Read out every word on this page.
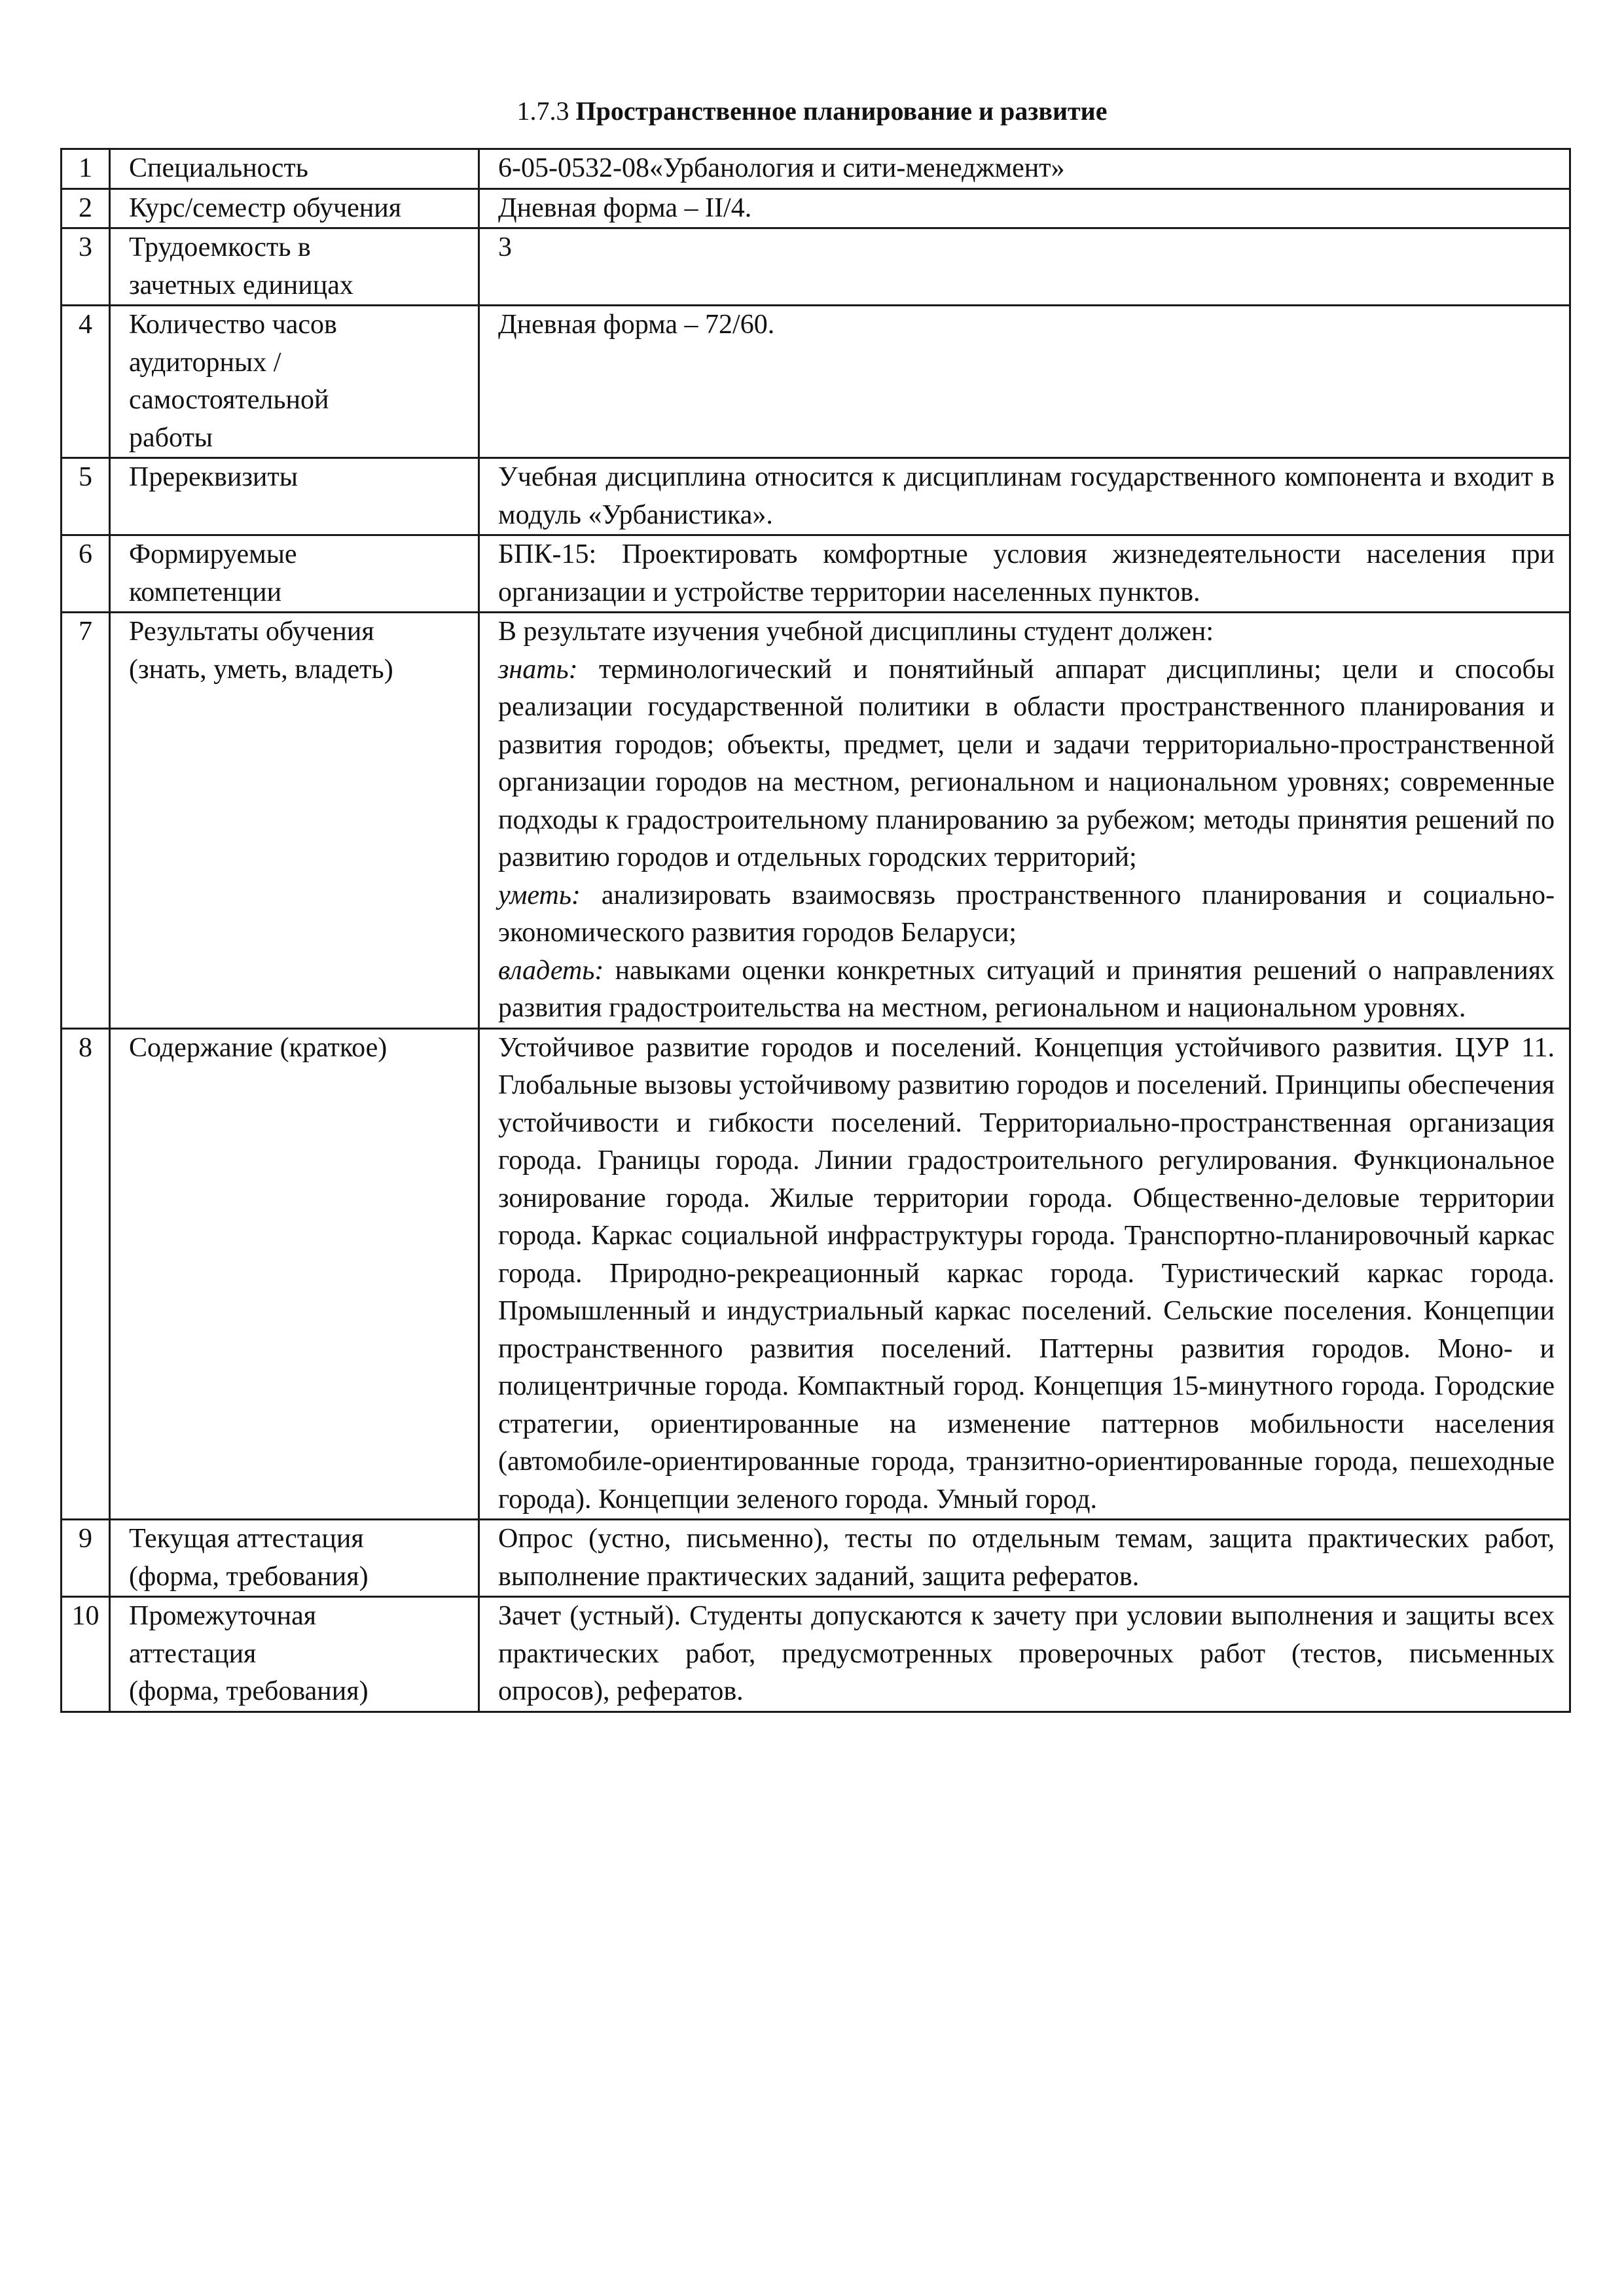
1.7.3 Пространственное планирование и развитие
1	Специальность	6-05-0532-08«Урбанология и сити-менеджмент»
2	Курс/семестр обучения	Дневная форма – II/4.
3	Трудоемкость в
зачетных единицах	3
4	Количество часов
аудиторных /
самостоятельной
работы	Дневная форма – 72/60.
5	Пререквизиты	Учебная дисциплина относится к дисциплинам государственного компонента и входит в модуль «Урбанистика».
6	Формируемые
компетенции	БПК-15: Проектировать комфортные условия жизнедеятельности населения при организации и устройстве территории населенных пунктов.
7	Результаты обучения
(знать, уметь, владеть)	В результате изучения учебной дисциплины студент должен:
знать: терминологический и понятийный аппарат дисциплины; цели и способы реализации государственной политики в области пространственного планирования и развития городов; объекты, предмет, цели и задачи территориально-пространственной организации городов на местном, региональном и национальном уровнях; современные подходы к градостроительному планированию за рубежом; методы принятия решений по развитию городов и отдельных городских территорий;
уметь: анализировать взаимосвязь пространственного планирования и социально-экономического развития городов Беларуси;
владеть: навыками оценки конкретных ситуаций и принятия решений о направлениях развития градостроительства на местном, региональном и национальном уровнях.

8	Содержание (краткое)	Устойчивое развитие городов и поселений. Концепция устойчивого развития. ЦУР 11. Глобальные вызовы устойчивому развитию городов и поселений. Принципы обеспечения устойчивости и гибкости поселений. Территориально-пространственная организация города. Границы города. Линии градостроительного регулирования. Функциональное зонирование города. Жилые территории города. Общественно-деловые территории города. Каркас социальной инфраструктуры города. Транспортно-планировочный каркас города. Природно-рекреационный каркас города. Туристический каркас города. Промышленный и индустриальный каркас поселений. Сельские поселения. Концепции пространственного развития поселений. Паттерны развития городов. Моно- и полицентричные города. Компактный город. Концепция 15-минутного города. Городские стратегии, ориентированные на изменение паттернов мобильности населения (автомобиле-ориентированные города, транзитно-ориентированные города, пешеходные города). Концепции зеленого города. Умный город.
9	Текущая аттестация
(форма, требования)	Опрос (устно, письменно), тесты по отдельным темам, защита практических работ, выполнение практических заданий, защита рефератов.
10	Промежуточная
аттестация
(форма, требования)	Зачет (устный). Студенты допускаются к зачету при условии выполнения и защиты всех практических работ, предусмотренных проверочных работ (тестов, письменных опросов), рефератов.
